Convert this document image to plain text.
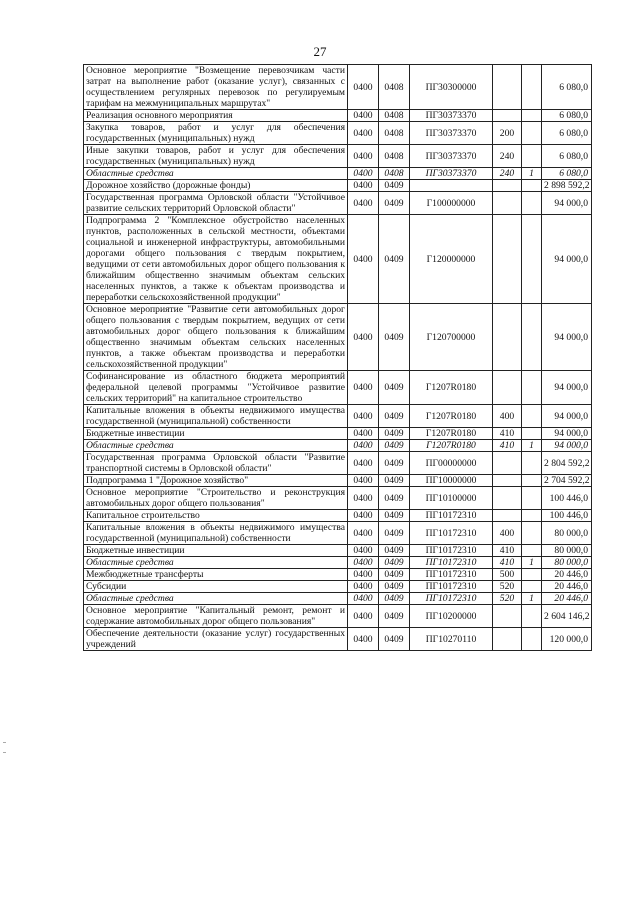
27
Основное мероприятие "Возмещение перевозчикам части затрат на выполнение работ (оказание услуг), связанных с осуществлением регулярных перевозок по регулируемым тарифам на межмуниципальных маршрутах"	0400	0408	ПГ30300000			6 080,0
Реализация основного мероприятия	0400	0408	ПГ30373370			6 080,0
Закупка товаров, работ и услуг для обеспечения государственных (муниципальных) нужд	0400	0408	ПГ30373370	200		6 080,0
Иные закупки товаров, работ и услуг для обеспечения государственных (муниципальных) нужд	0400	0408	ПГ30373370	240		6 080,0
Областные средства	0400	0408	ПГ30373370	240	1	6 080,0
Дорожное хозяйство (дорожные фонды)	0400	0409				2 898 592,2
Государственная программа Орловской области "Устойчивое развитие сельских территорий Орловской области"	0400	0409	Г100000000			94 000,0
Подпрограмма 2 "Комплексное обустройство населенных пунктов, расположенных в сельской местности, объектами социальной и инженерной инфраструктуры, автомобильными дорогами общего пользования с твердым покрытием, ведущими от сети автомобильных дорог общего пользования к ближайшим общественно значимым объектам сельских населенных пунктов, а также к объектам производства и переработки сельскохозяйственной продукции"	0400	0409	Г120000000			94 000,0
Основное мероприятие "Развитие сети автомобильных дорог общего пользования с твердым покрытием, ведущих от сети автомобильных дорог общего пользования к ближайшим общественно значимым объектам сельских населенных пунктов, а также объектам производства и переработки сельскохозяйственной продукции"	0400	0409	Г120700000			94 000,0
Софинансирование из областного бюджета мероприятий федеральной целевой программы "Устойчивое развитие сельских территорий" на капитальное строительство	0400	0409	Г1207R0180			94 000,0
Капитальные вложения в объекты недвижимого имущества государственной (муниципальной) собственности	0400	0409	Г1207R0180	400		94 000,0
Бюджетные инвестиции	0400	0409	Г1207R0180	410		94 000,0
Областные средства	0400	0409	Г1207R0180	410	1	94 000,0
Государственная программа Орловской области "Развитие транспортной системы в Орловской области"	0400	0409	ПГ00000000			2 804 592,2
Подпрограмма 1 "Дорожное хозяйство"	0400	0409	ПГ10000000			2 704 592,2
Основное мероприятие "Строительство и реконструкция автомобильных дорог общего пользования"	0400	0409	ПГ10100000			100 446,0
Капитальное строительство	0400	0409	ПГ10172310			100 446,0
Капитальные вложения в объекты недвижимого имущества государственной (муниципальной) собственности	0400	0409	ПГ10172310	400		80 000,0
Бюджетные инвестиции	0400	0409	ПГ10172310	410		80 000,0
Областные средства	0400	0409	ПГ10172310	410	1	80 000,0
Межбюджетные трансферты	0400	0409	ПГ10172310	500		20 446,0
Субсидии	0400	0409	ПГ10172310	520		20 446,0
Областные средства	0400	0409	ПГ10172310	520	1	20 446,0
Основное мероприятие "Капитальный ремонт, ремонт и содержание автомобильных дорог общего пользования"	0400	0409	ПГ10200000			2 604 146,2
Обеспечение деятельности (оказание услуг) государственных учреждений	0400	0409	ПГ10270110			120 000,0
